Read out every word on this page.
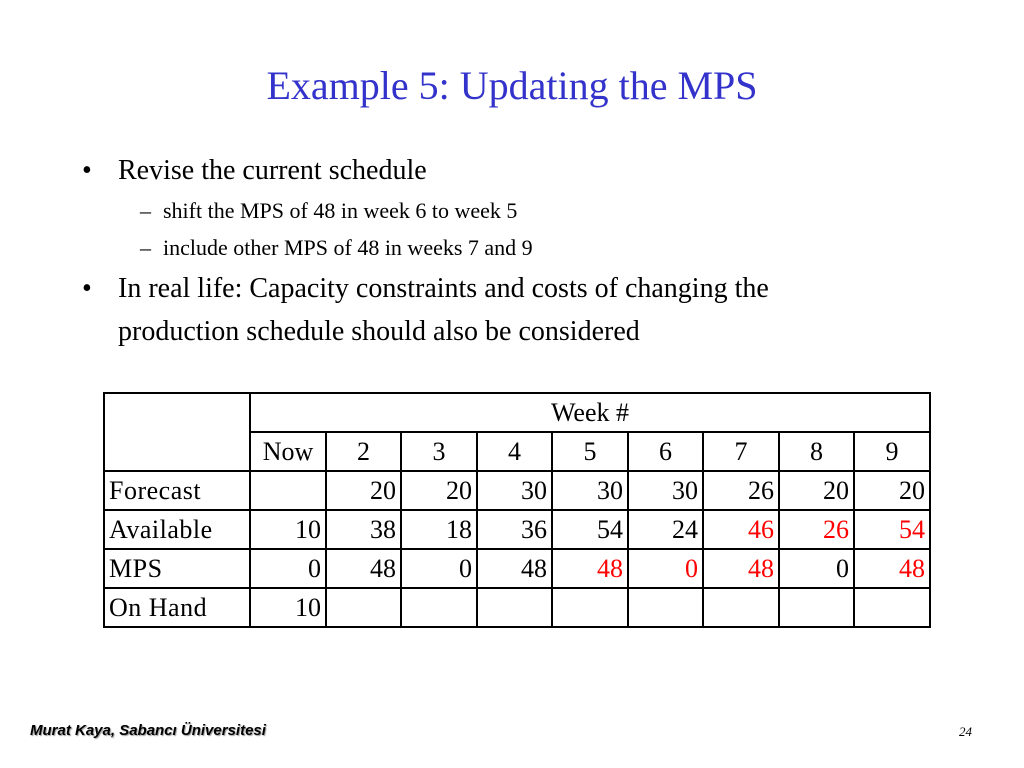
Example 5: Updating the MPS
• Revise the current schedule
– shift the MPS of 48 in week 6 to week 5
– include other MPS of 48 in weeks 7 and 9
• In real life: Capacity constraints and costs of changing the
production schedule should also be considered
	Week #								
	Now	2	3	4	5	6	7	8	9
Forecast		20	20	30	30	30	26	20	20
Available	10	38	18	36	54	24	46	26	54
MPS	0	48	0	48	48	0	48	0	48
On Hand	10								
Murat Kaya, Sabancı Üniversitesi	24
